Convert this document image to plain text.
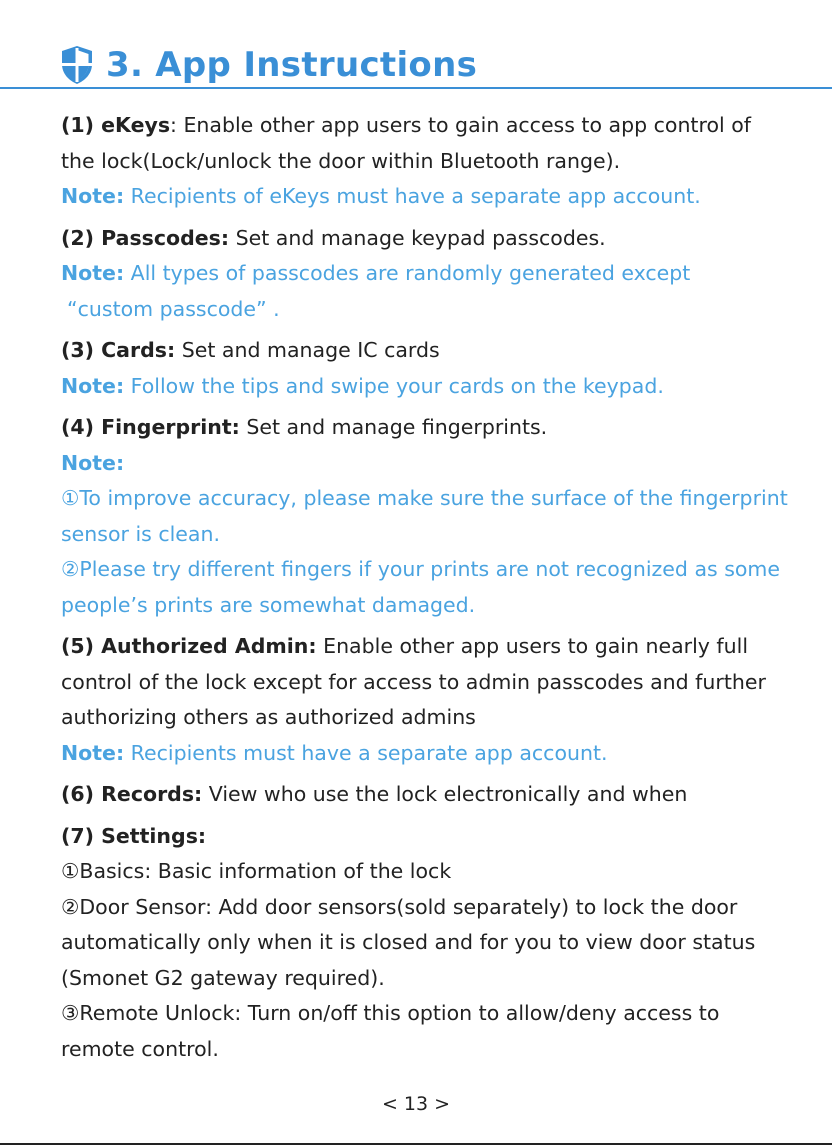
3. App Instructions

(1) eKeys: Enable other app users to gain access to app control of

the lock(Lock/unlock the door within Bluetooth range).

Note: Recipients of eKeys must have a separate app account.

(2) Passcodes: Set and manage keypad passcodes.

Note: All types of passcodes are randomly generated except

“custom passcode” .

(3) Cards: Set and manage IC cards

Note: Follow the tips and swipe your cards on the keypad.

(4) Fingerprint: Set and manage fingerprints.

Note:

①To improve accuracy, please make sure the surface of the fingerprint

sensor is clean.

②Please try different fingers if your prints are not recognized as some

people’s prints are somewhat damaged.

(5) Authorized Admin: Enable other app users to gain nearly full

control of the lock except for access to admin passcodes and further

authorizing others as authorized admins

Note: Recipients must have a separate app account.

(6) Records: View who use the lock electronically and when

(7) Settings:

①Basics: Basic information of the lock

②Door Sensor: Add door sensors(sold separately) to lock the door

automatically only when it is closed and for you to view door status

(Smonet G2 gateway required).

③Remote Unlock: Turn on/off this option to allow/deny access to

remote control.

< 13 >
